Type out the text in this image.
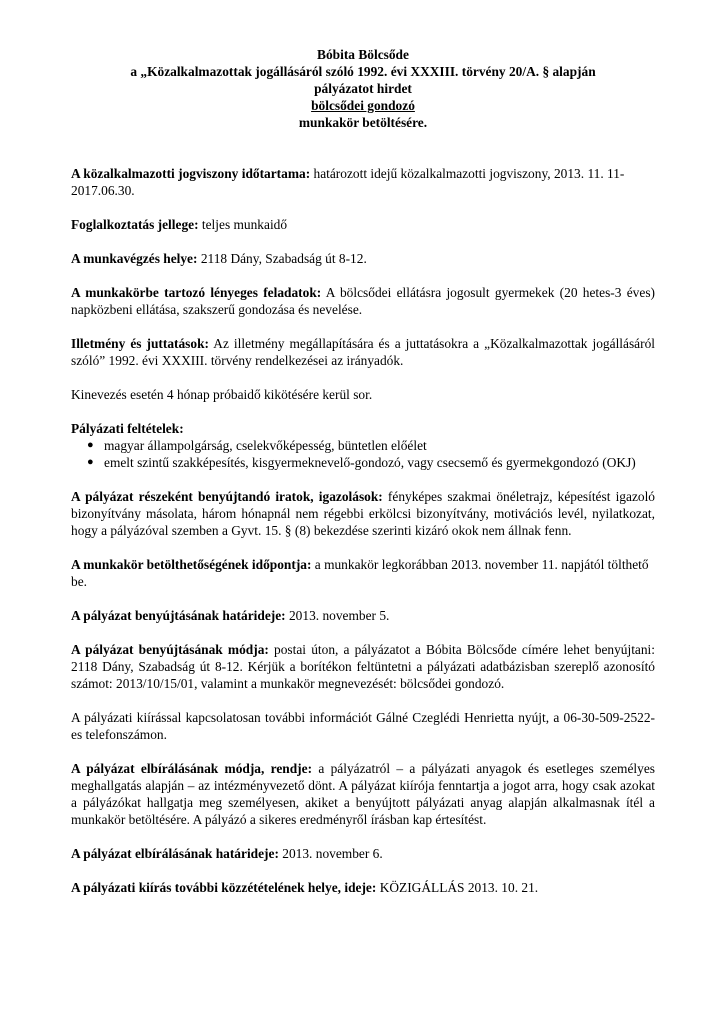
Bóbita Bölcsőde
a „Közalkalmazottak jogállásáról szóló 1992. évi XXXIII. törvény 20/A. § alapján
pályázatot hirdet
bölcsődei gondozó
munkakör betöltésére.

A közalkalmazotti jogviszony időtartama: határozott idejű közalkalmazotti jogviszony, 2013. 11. 11-2017.06.30.

Foglalkoztatás jellege: teljes munkaidő

A munkavégzés helye: 2118 Dány, Szabadság út 8-12.

A munkakörbe tartozó lényeges feladatok: A bölcsődei ellátásra jogosult gyermekek (20 hetes-3 éves) napközbeni ellátása, szakszerű gondozása és nevelése.

Illetmény és juttatások: Az illetmény megállapítására és a juttatásokra a „Közalkalmazottak jogállásáról szóló” 1992. évi XXXIII. törvény rendelkezései az irányadók.

Kinevezés esetén 4 hónap próbaidő kikötésére kerül sor.

Pályázati feltételek:
● magyar állampolgárság, cselekvőképesség, büntetlen előélet
● emelt szintű szakképesítés, kisgyermeknevelő-gondozó, vagy csecsemő és gyermekgondozó (OKJ)

A pályázat részeként benyújtandó iratok, igazolások: fényképes szakmai önéletrajz, képesítést igazoló bizonyítvány másolata, három hónapnál nem régebbi erkölcsi bizonyítvány, motivációs levél, nyilatkozat, hogy a pályázóval szemben a Gyvt. 15. § (8) bekezdése szerinti kizáró okok nem állnak fenn.

A munkakör betölthetőségének időpontja: a munkakör legkorábban 2013. november 11. napjától tölthető be.

A pályázat benyújtásának határideje: 2013. november 5.

A pályázat benyújtásának módja: postai úton, a pályázatot a Bóbita Bölcsőde címére lehet benyújtani: 2118 Dány, Szabadság út 8-12. Kérjük a borítékon feltüntetni a pályázati adatbázisban szereplő azonosító számot: 2013/10/15/01, valamint a munkakör megnevezését: bölcsődei gondozó.

A pályázati kiírással kapcsolatosan további információt Gálné Czeglédi Henrietta nyújt, a 06-30-509-2522-es telefonszámon.

A pályázat elbírálásának módja, rendje: a pályázatról – a pályázati anyagok és esetleges személyes meghallgatás alapján – az intézményvezető dönt. A pályázat kiírója fenntartja a jogot arra, hogy csak azokat a pályázókat hallgatja meg személyesen, akiket a benyújtott pályázati anyag alapján alkalmasnak ítél a munkakör betöltésére. A pályázó a sikeres eredményről írásban kap értesítést.

A pályázat elbírálásának határideje: 2013. november 6.

A pályázati kiírás további közzétételének helye, ideje: KÖZIGÁLLÁS 2013. 10. 21.
